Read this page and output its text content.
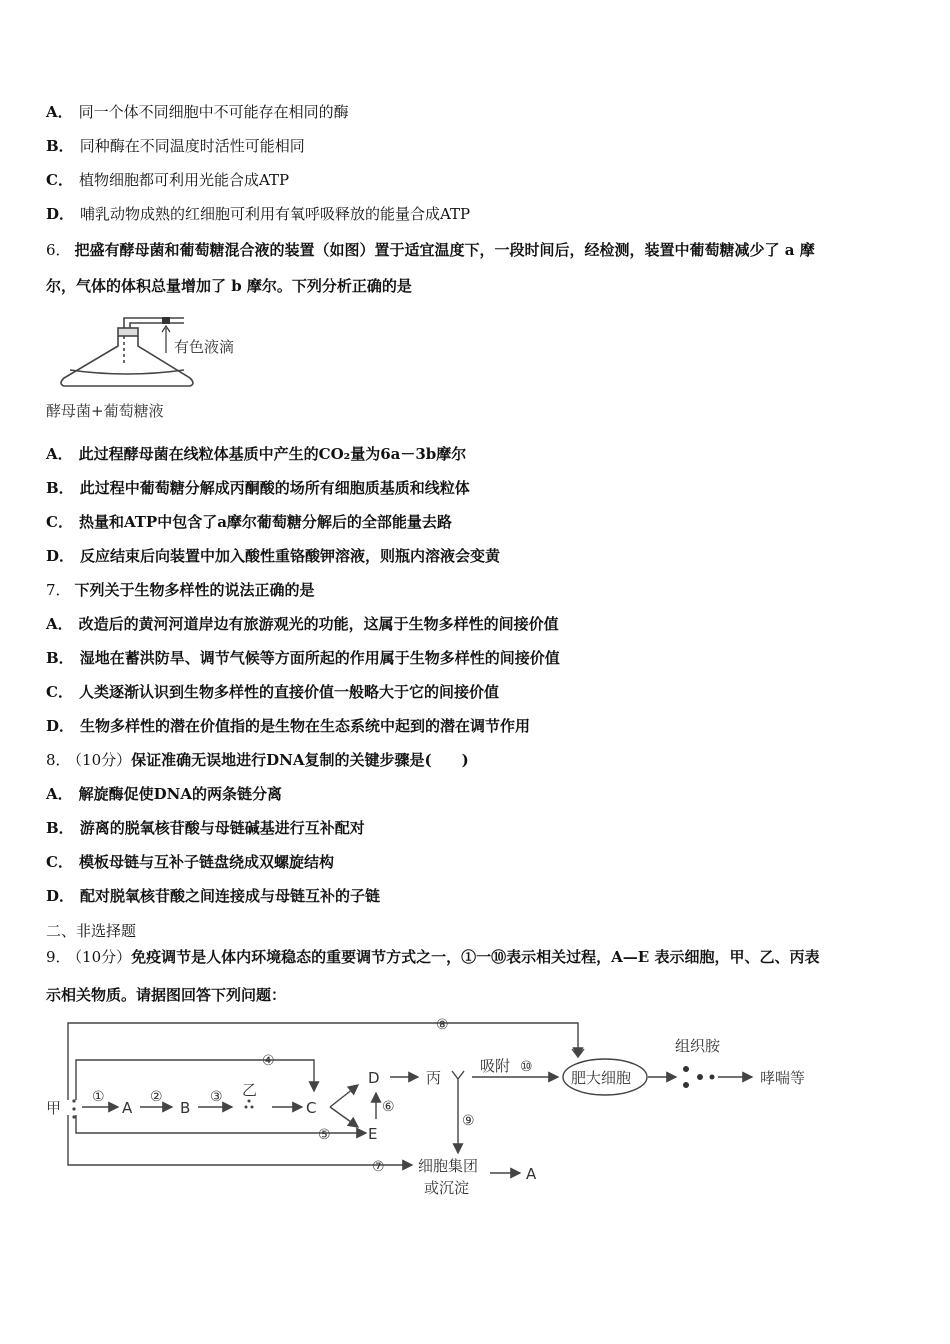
A． 同一个体不同细胞中不可能存在相同的酶
B． 同种酶在不同温度时活性可能相同
C． 植物细胞都可利用光能合成ATP
D． 哺乳动物成熟的红细胞可利用有氧呼吸释放的能量合成ATP
6． 把盛有酵母菌和葡萄糖混合液的装置（如图）置于适宜温度下，一段时间后，经检测，装置中葡萄糖减少了 a 摩
尔，气体的体积总量增加了 b 摩尔。下列分析正确的是
有色液滴
酵母菌+葡萄糖液
A． 此过程酵母菌在线粒体基质中产生的CO₂量为6a－3b摩尔
B． 此过程中葡萄糖分解成丙酮酸的场所有细胞质基质和线粒体
C． 热量和ATP中包含了a摩尔葡萄糖分解后的全部能量去路
D． 反应结束后向装置中加入酸性重铬酸钾溶液，则瓶内溶液会变黄
7． 下列关于生物多样性的说法正确的是
A． 改造后的黄河河道岸边有旅游观光的功能，这属于生物多样性的间接价值
B． 湿地在蓄洪防旱、调节气候等方面所起的作用属于生物多样性的间接价值
C． 人类逐渐认识到生物多样性的直接价值一般略大于它的间接价值
D． 生物多样性的潜在价值指的是生物在生态系统中起到的潜在调节作用
8． （10分）保证准确无误地进行DNA复制的关键步骤是(　　)
A． 解旋酶促使DNA的两条链分离
B． 游离的脱氧核苷酸与母链碱基进行互补配对
C． 模板母链与互补子链盘绕成双螺旋结构
D． 配对脱氧核苷酸之间连接成与母链互补的子链
二、非选择题
9． （10分）免疫调节是人体内环境稳态的重要调节方式之一，①一⑩表示相关过程，A—E 表示细胞，甲、乙、丙表
示相关物质。请据图回答下列问题：
甲	A	B
乙
C
D
E
丙
吸附
肥大细胞
组织胺
哮喘等
细胞集团
或沉淀
A
①	②	③
④
⑤
⑥
⑦
⑧
⑨
⑩
